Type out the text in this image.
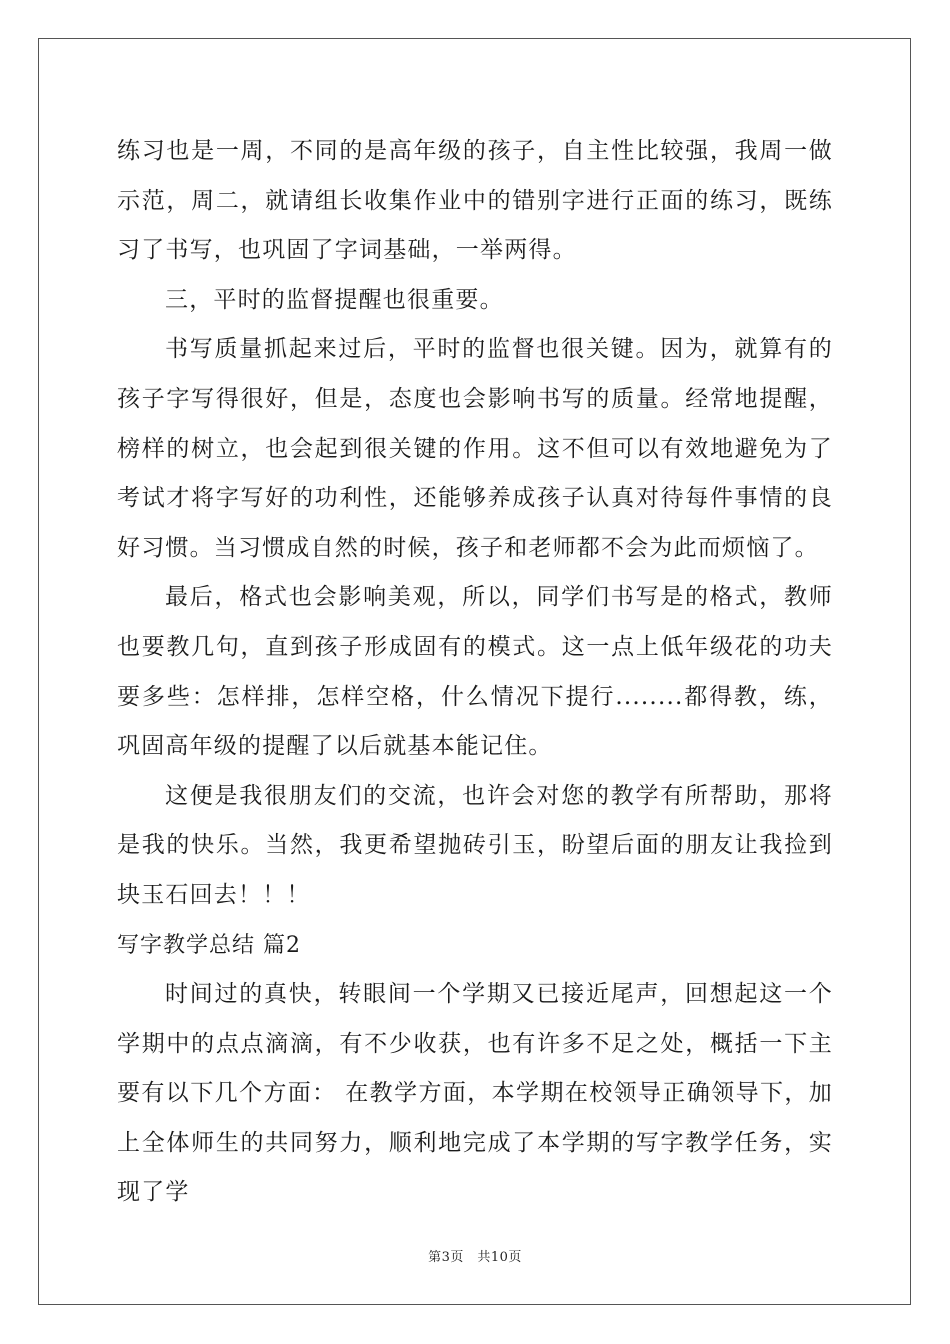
练习也是一周，不同的是高年级的孩子，自主性比较强，我周一做示范，周二，就请组长收集作业中的错别字进行正面的练习，既练习了书写，也巩固了字词基础，一举两得。

三，平时的监督提醒也很重要。

书写质量抓起来过后，平时的监督也很关键。因为，就算有的孩子字写得很好，但是，态度也会影响书写的质量。经常地提醒，榜样的树立，也会起到很关键的作用。这不但可以有效地避免为了考试才将字写好的功利性，还能够养成孩子认真对待每件事情的良好习惯。当习惯成自然的时候，孩子和老师都不会为此而烦恼了。

最后，格式也会影响美观，所以，同学们书写是的格式，教师也要教几句，直到孩子形成固有的模式。这一点上低年级花的功夫要多些：怎样排，怎样空格，什么情况下提行........都得教，练，巩固高年级的提醒了以后就基本能记住。

这便是我很朋友们的交流，也许会对您的教学有所帮助，那将是我的快乐。当然，我更希望抛砖引玉，盼望后面的朋友让我捡到块玉石回去！！！

写字教学总结 篇2

时间过的真快，转眼间一个学期又已接近尾声，回想起这一个学期中的点点滴滴，有不少收获，也有许多不足之处，概括一下主要有以下几个方面： 在教学方面，本学期在校领导正确领导下，加上全体师生的共同努力，顺利地完成了本学期的写字教学任务，实现了学

第3页　共10页
